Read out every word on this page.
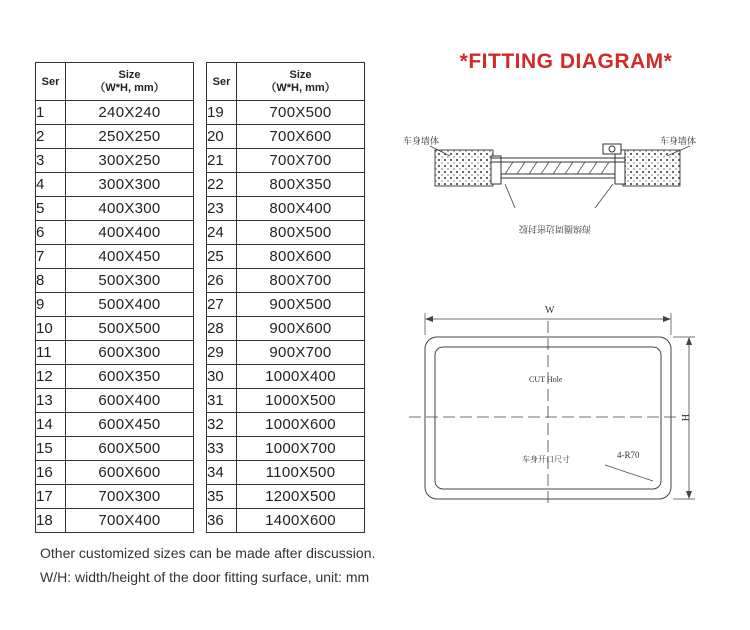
Ser	Size
（W*H, mm）

1	240X240
2	250X250
3	300X250
4	300X300
5	400X300
6	400X400
7	400X450
8	500X300
9	500X400
10	500X500
11	600X300
12	600X350
13	600X400
14	600X450
15	600X500
16	600X600
17	700X300
18	700X400
Ser	Size
（W*H, mm）

19	700X500
20	700X600
21	700X700
22	800X350
23	800X400
24	800X500
25	800X600
26	800X700
27	900X500
28	900X600
29	900X700
30	1000X400
31	1000X500
32	1000X600
33	1000X700
34	1100X500
35	1200X500
36	1400X600
*FITTING DIAGRAM*
车身墙体	车身墙体
海绵圈周边密封胶
W
H
CUT Hole
车身开口尺寸	4-R70
Other customized sizes can be made after discussion.
W/H: width/height of the door fitting surface, unit: mm
